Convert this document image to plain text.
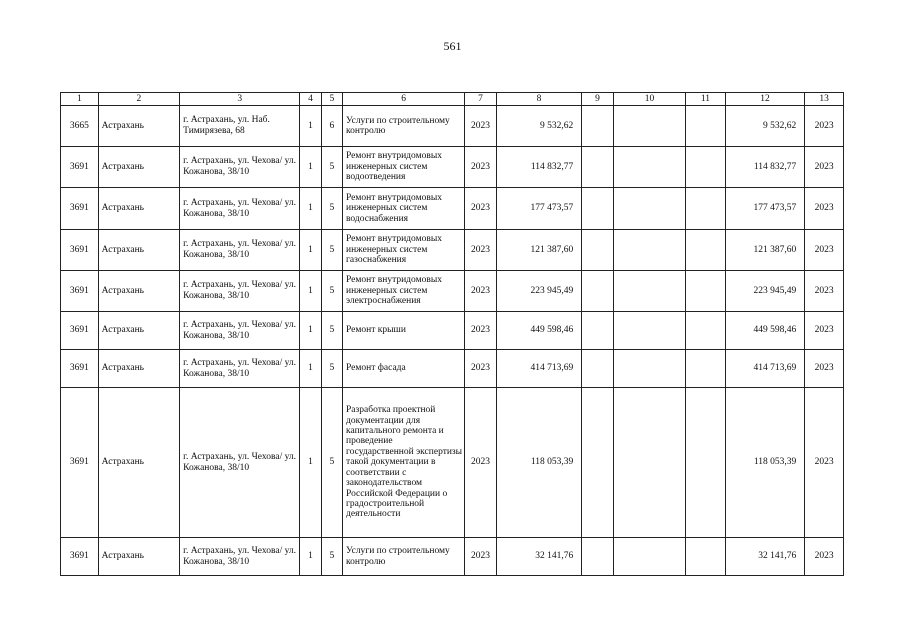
561
1	2	3	4	5	6	7	8	9	10	11	12	13
3665	Астрахань	г. Астрахань, ул. Наб. Тимирязева, 68	1	6	Услуги по строительному контролю	2023	9 532,62				9 532,62	2023
3691	Астрахань	г. Астрахань, ул. Чехова/ ул. Кожанова, 38/10	1	5	Ремонт внутридомовых инженерных систем водоотведения	2023	114 832,77				114 832,77	2023
3691	Астрахань	г. Астрахань, ул. Чехова/ ул. Кожанова, 38/10	1	5	Ремонт внутридомовых инженерных систем водоснабжения	2023	177 473,57				177 473,57	2023
3691	Астрахань	г. Астрахань, ул. Чехова/ ул. Кожанова, 38/10	1	5	Ремонт внутридомовых инженерных систем газоснабжения	2023	121 387,60				121 387,60	2023
3691	Астрахань	г. Астрахань, ул. Чехова/ ул. Кожанова, 38/10	1	5	Ремонт внутридомовых инженерных систем электроснабжения	2023	223 945,49				223 945,49	2023
3691	Астрахань	г. Астрахань, ул. Чехова/ ул. Кожанова, 38/10	1	5	Ремонт крыши	2023	449 598,46				449 598,46	2023
3691	Астрахань	г. Астрахань, ул. Чехова/ ул. Кожанова, 38/10	1	5	Ремонт фасада	2023	414 713,69				414 713,69	2023
3691	Астрахань	г. Астрахань, ул. Чехова/ ул. Кожанова, 38/10	1	5	Разработка проектной документации для капитального ремонта и проведение государственной экспертизы такой документации в соответствии с законодательством Российской Федерации о градостроительной деятельности	2023	118 053,39				118 053,39	2023
3691	Астрахань	г. Астрахань, ул. Чехова/ ул. Кожанова, 38/10	1	5	Услуги по строительному контролю	2023	32 141,76				32 141,76	2023
